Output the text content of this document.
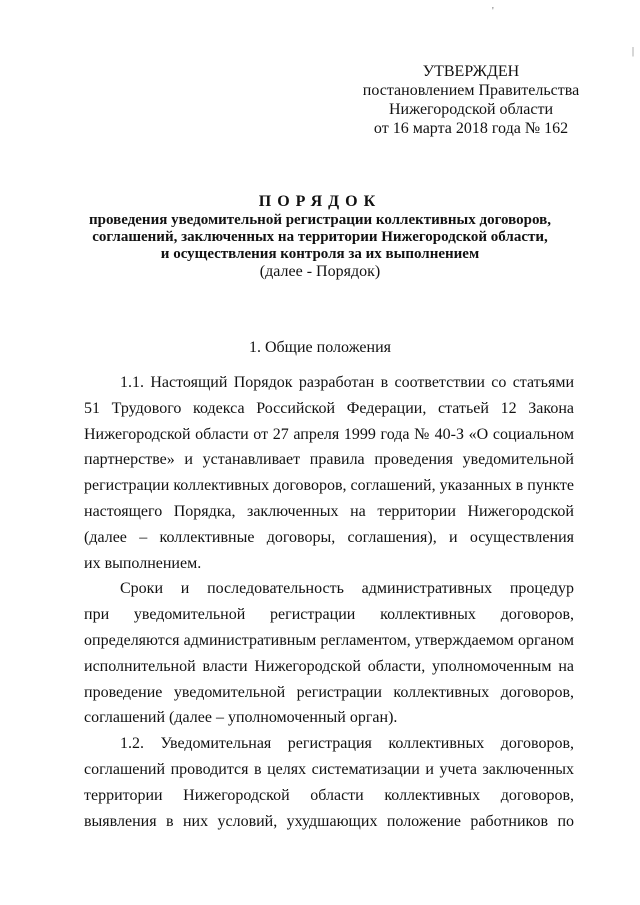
'
|
УТВЕРЖДЕН
постановлением Правительства
Нижегородской области
от 16 марта 2018 года № 162
ПОРЯДОК
проведения уведомительной регистрации коллективных договоров,
соглашений, заключенных на территории Нижегородской области,
и осуществления контроля за их выполнением
(далее - Порядок)
1. Общие положения
1.1. Настоящий Порядок разработан в соответствии со статьями
51 Трудового кодекса Российской Федерации, статьей 12 Закона
Нижегородской области от 27 апреля 1999 года № 40-З «О социальном
партнерстве» и устанавливает правила проведения уведомительной
регистрации коллективных договоров, соглашений, указанных в пункте
настоящего Порядка, заключенных на территории Нижегородской
(далее – коллективные договоры, соглашения), и осуществления
их выполнением.
Сроки и последовательность административных процедур
при уведомительной регистрации коллективных договоров,
определяются административным регламентом, утверждаемом органом
исполнительной власти Нижегородской области, уполномоченным на
проведение уведомительной регистрации коллективных договоров,
соглашений (далее – уполномоченный орган).
1.2. Уведомительная регистрация коллективных договоров,
соглашений проводится в целях систематизации и учета заключенных
территории Нижегородской области коллективных договоров,
выявления в них условий, ухудшающих положение работников по
